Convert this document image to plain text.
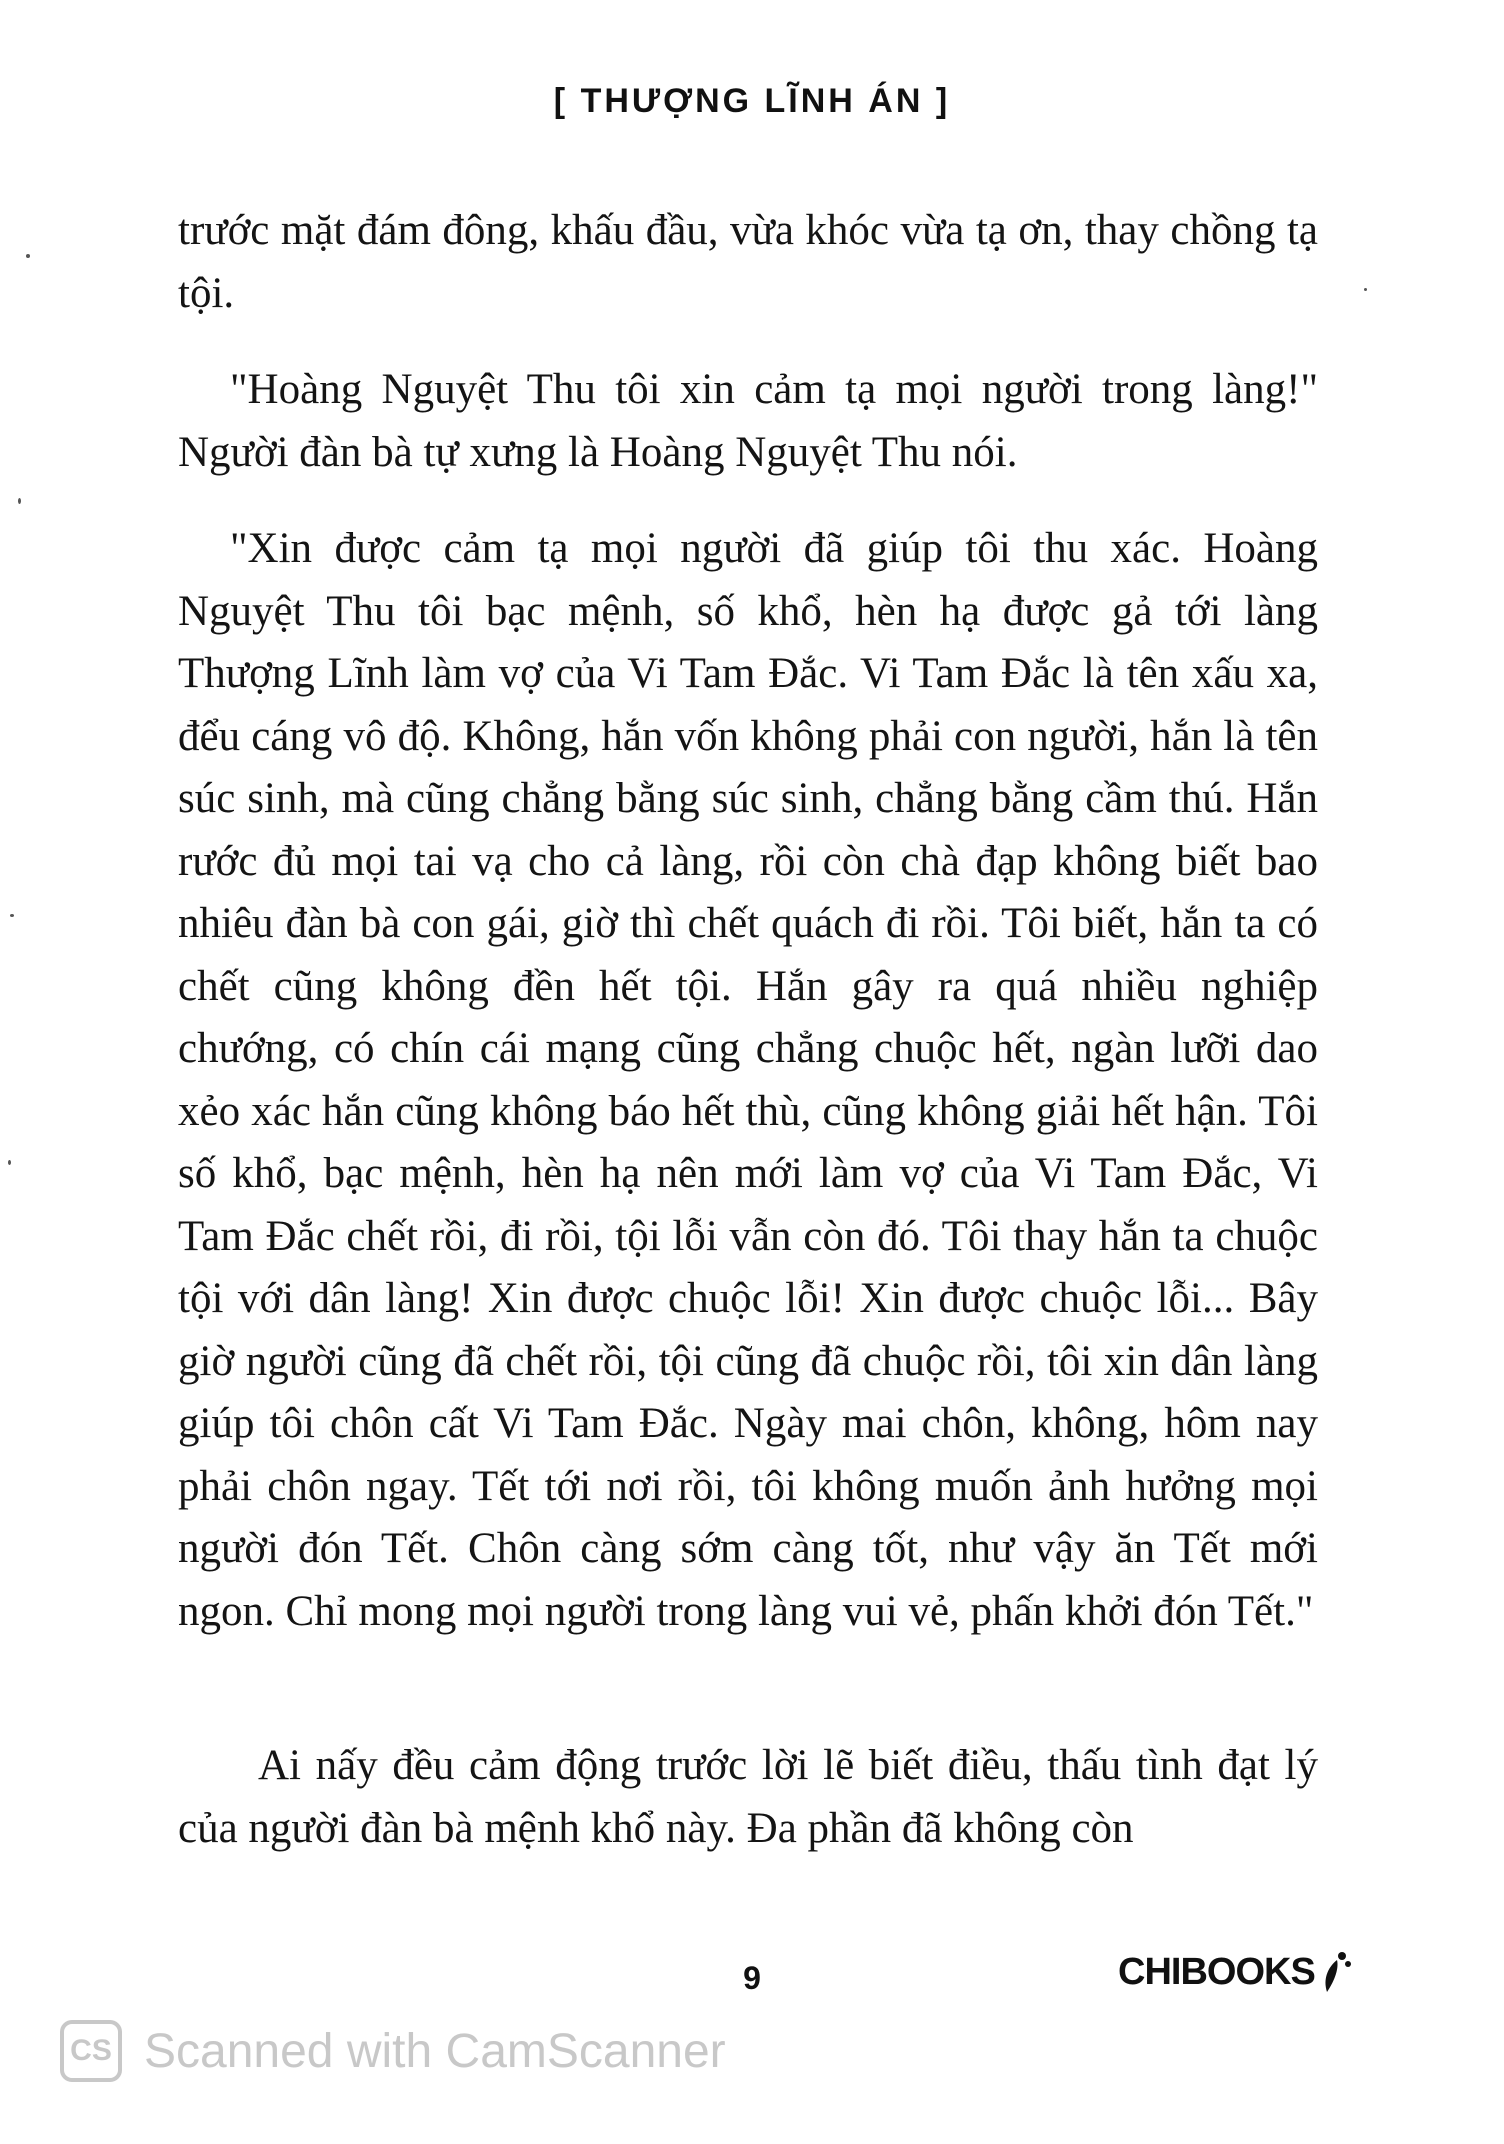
[ THƯỢNG LĨNH ÁN ]

trước mặt đám đông, khấu đầu, vừa khóc vừa tạ ơn, thay chồng tạ tội.

"Hoàng Nguyệt Thu tôi xin cảm tạ mọi người trong làng!" Người đàn bà tự xưng là Hoàng Nguyệt Thu nói.

"Xin được cảm tạ mọi người đã giúp tôi thu xác. Hoàng Nguyệt Thu tôi bạc mệnh, số khổ, hèn hạ được gả tới làng Thượng Lĩnh làm vợ của Vi Tam Đắc. Vi Tam Đắc là tên xấu xa, đểu cáng vô độ. Không, hắn vốn không phải con người, hắn là tên súc sinh, mà cũng chẳng bằng súc sinh, chẳng bằng cầm thú. Hắn rước đủ mọi tai vạ cho cả làng, rồi còn chà đạp không biết bao nhiêu đàn bà con gái, giờ thì chết quách đi rồi. Tôi biết, hắn ta có chết cũng không đền hết tội. Hắn gây ra quá nhiều nghiệp chướng, có chín cái mạng cũng chẳng chuộc hết, ngàn lưỡi dao xẻo xác hắn cũng không báo hết thù, cũng không giải hết hận. Tôi số khổ, bạc mệnh, hèn hạ nên mới làm vợ của Vi Tam Đắc, Vi Tam Đắc chết rồi, đi rồi, tội lỗi vẫn còn đó. Tôi thay hắn ta chuộc tội với dân làng! Xin được chuộc lỗi! Xin được chuộc lỗi... Bây giờ người cũng đã chết rồi, tội cũng đã chuộc rồi, tôi xin dân làng giúp tôi chôn cất Vi Tam Đắc. Ngày mai chôn, không, hôm nay phải chôn ngay. Tết tới nơi rồi, tôi không muốn ảnh hưởng mọi người đón Tết. Chôn càng sớm càng tốt, như vậy ăn Tết mới ngon. Chỉ mong mọi người trong làng vui vẻ, phấn khởi đón Tết."

Ai nấy đều cảm động trước lời lẽ biết điều, thấu tình đạt lý của người đàn bà mệnh khổ này. Đa phần đã không còn

9	CHIBOOKS
CS Scanned with CamScanner
